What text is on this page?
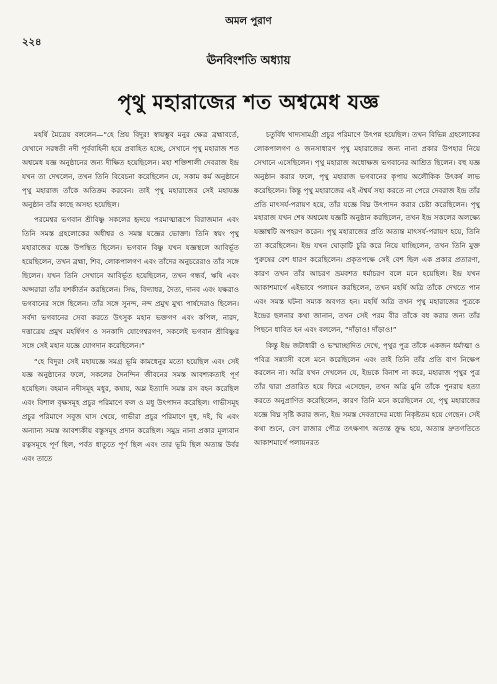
অমল পুরাণ
২২৪
ঊনবিংশতি অধ্যায়
পৃথু মহারাজের শত অশ্বমেধ যজ্ঞ

মহর্ষি মৈত্রেয় বললেন—“হে প্রিয় বিদুর! স্বায়ম্ভুব মনুর ক্ষেত্র ব্রহ্মাবর্তে, যেখানে সরস্বতী নদী পূর্ববাহিনী হয়ে প্রবাহিত হচ্ছে, সেখানে পৃথু মহারাজ শত অশ্বমেধ যজ্ঞ অনুষ্ঠানের জন্য দীক্ষিত হয়েছিলেন। মহা শক্তিশালী দেবরাজ ইন্দ্র যখন তা দেখলেন, তখন তিনি বিবেচনা করেছিলেন যে, সকাম কর্ম অনুষ্ঠানে পৃথু মহারাজ তাঁকে অতিক্রম করবেন। তাই পৃথু মহারাজের সেই মহাযজ্ঞ অনুষ্ঠান তাঁর কাছে অসহ্য হয়েছিল।

পরমেশ্বর ভগবান শ্রীবিষ্ণু সকলের হৃদয়ে পরমাত্মারূপে বিরাজমান এবং তিনি সমস্ত গ্রহলোকের অধীশ্বর ও সমস্ত যজ্ঞের ভোক্তা। তিনি স্বয়ং পৃথু মহারাজের যজ্ঞে উপস্থিত ছিলেন। ভগবান বিষ্ণু যখন যজ্ঞস্থলে আবির্ভূত হয়েছিলেন, তখন ব্রহ্মা, শিব, লোকপালগণ এবং তাঁদের অনুচরেরাও তাঁর সঙ্গে ছিলেন। যখন তিনি সেখানে আবির্ভূত হয়েছিলেন, তখন গন্ধর্ব, ঋষি এবং অপ্সরারা তাঁর যশকীর্তন করছিলেন। সিদ্ধ, বিদ্যাধর, দৈত্য, দানব এবং যক্ষরাও ভগবানের সঙ্গে ছিলেন। তাঁর সঙ্গে সুনন্দ, নন্দ প্রমুখ মুখ্য পার্ষদেরাও ছিলেন। সর্বদা ভগবানের সেবা করতে উৎসুক মহান ভক্তগণ এবং কপিল, নারদ, দত্তাত্রেয় প্রমুখ মহর্ষিগণ ও সনকাদি যোগেশ্বরগণ, সকলেই ভগবান শ্রীবিষ্ণুর সঙ্গে সেই মহান যজ্ঞে যোগদান করেছিলেন।”

“হে বিদুর! সেই মহাযজ্ঞে সমগ্র ভূমি কামধেনুর মতো হয়েছিল এবং সেই যজ্ঞ অনুষ্ঠানের ফলে, সকলের দৈনন্দিন জীবনের সমস্ত আবশ্যকতাই পূর্ণ হয়েছিল। বহমান নদীসমূহ মধুর, কষায়, অম্ল ইত্যাদি সমস্ত রস বহন করেছিল এবং বিশাল বৃক্ষসমূহ প্রচুর পরিমাণে ফল ও মধু উৎপাদন করেছিল। গাভীসমূহ প্রচুর পরিমাণে সবুজ ঘাস খেয়ে, গাভীরা প্রচুর পরিমাণে দুধ, দই, ঘি এবং অন্যান্য সমস্ত আবশ্যকীয় বস্তুসমূহ প্রদান করেছিল। সমুদ্র নানা প্রকার মূল্যবান রত্নসমূহে পূর্ণ ছিল, পর্বত ধাতুতে পূর্ণ ছিল এবং তার ভূমি ছিল অত্যন্ত উর্বর এবং তাতে

চতুর্বিধ খাদ্যসামগ্রী প্রচুর পরিমাণে উৎপন্ন হয়েছিল। তখন বিভিন্ন গ্রহলোকের লোকপালগণ ও জনসাধারণ পৃথু মহারাজের জন্য নানা প্রকার উপহার নিয়ে সেখানে এসেছিলেন। পৃথু মহারাজ অধোক্ষজ ভগবানের আশ্রিত ছিলেন। বহু যজ্ঞ অনুষ্ঠান করার ফলে, পৃথু মহারাজ ভগবানের কৃপায় অলৌকিক উৎকর্ষ লাভ করেছিলেন। কিন্তু পৃথু মহারাজের এই ঐশ্বর্য সহ্য করতে না পেরে দেবরাজ ইন্দ্র তাঁর প্রতি মাৎসর্য-পরায়ণ হয়ে, তাঁর যজ্ঞে বিঘ্ন উৎপাদন করার চেষ্টা করেছিলেন। পৃথু মহারাজ যখন শেষ অশ্বমেধ যজ্ঞটি অনুষ্ঠান করছিলেন, তখন ইন্দ্র সকলের অলক্ষ্যে যজ্ঞাশ্বটি অপহরণ করেন। পৃথু মহারাজের প্রতি অত্যন্ত মাৎসর্য-পরায়ণ হয়ে, তিনি তা করেছিলেন। ইন্দ্র যখন ঘোড়াটি চুরি করে নিয়ে যাচ্ছিলেন, তখন তিনি মুক্ত পুরুষের বেশ ধারণ করেছিলেন। প্রকৃতপক্ষে সেই বেশ ছিল এক প্রকার প্রতারণা, কারণ তখন তাঁর আচরণ ভ্রমবশত ধর্মাচরণ বলে মনে হয়েছিল। ইন্দ্র যখন আকাশমার্গে এইভাবে পলায়ন করছিলেন, তখন মহর্ষি অত্রি তাঁকে দেখতে পান এবং সমস্ত ঘটনা সম্যক অবগত হন। মহর্ষি অত্রি তখন পৃথু মহারাজের পুত্রকে ইন্দ্রের ছলনার কথা জানান, তখন সেই পরম বীর তাঁকে বধ করার জন্য তাঁর পিছনে ধাবিত হন এবং বললেন, “দাঁড়াও! দাঁড়াও!”

কিন্তু ইন্দ্র জটাধারী ও ভস্মাচ্ছাদিত দেখে, পৃথুর পুত্র তাঁকে একজন ধর্মাত্মা ও পবিত্র সন্ন্যাসী বলে মনে করেছিলেন এবং তাই তিনি তাঁর প্রতি বাণ নিক্ষেপ করলেন না। অত্রি যখন দেখলেন যে, ইন্দ্রকে বিনাশ না করে, মহারাজ পৃথুর পুত্র তাঁর দ্বারা প্রতারিত হয়ে ফিরে এসেছেন, তখন অত্রি মুনি তাঁকে পুনরায় হত্যা করতে অনুপ্রাণিত করেছিলেন, কারণ তিনি মনে করেছিলেন যে, পৃথু মহারাজের যজ্ঞে বিঘ্ন সৃষ্টি করার জন্য, ইন্দ্র সমস্ত দেবতাদের মধ্যে নিকৃষ্টতম হয়ে গেছেন। সেই কথা শুনে, বেণ রাজার পৌত্র তৎক্ষণাৎ অত্যন্ত ক্রুদ্ধ হয়ে, অত্যন্ত দ্রুতগতিতে আকাশমার্গে পলায়নরত
